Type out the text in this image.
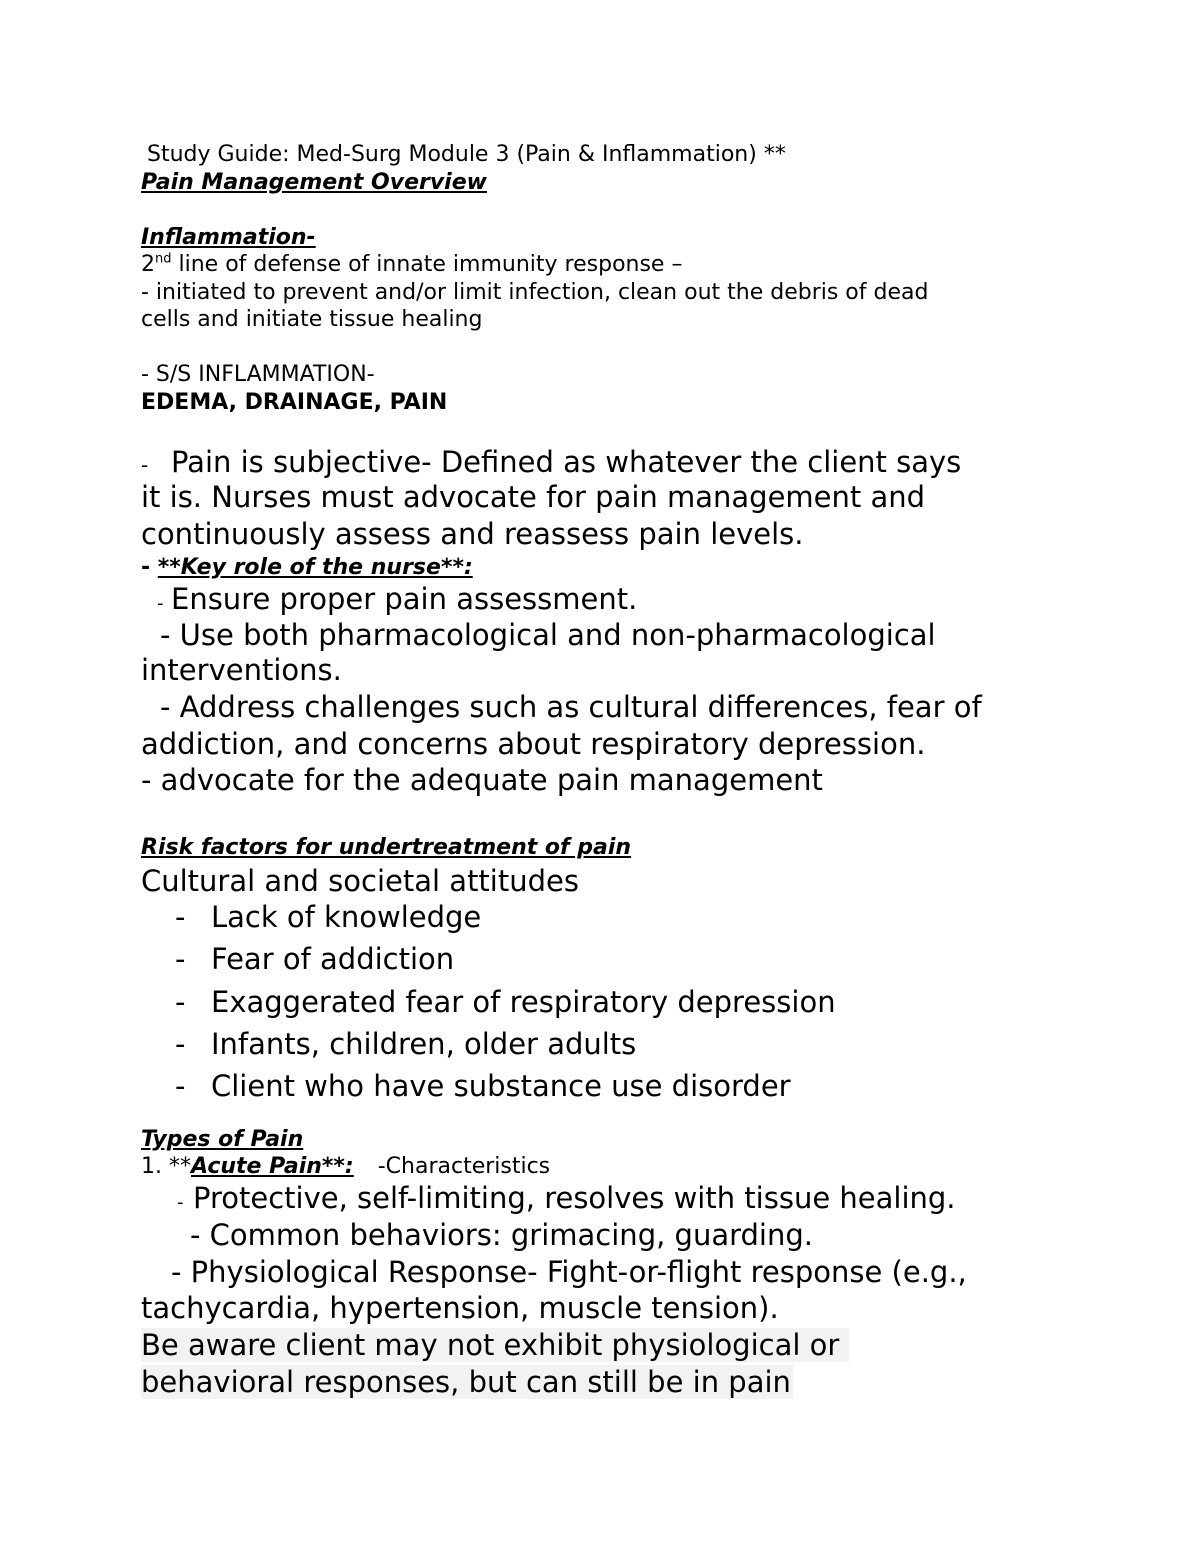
Study Guide: Med-Surg Module 3 (Pain & Inflammation) **
Pain Management Overview
Inflammation-
2nd line of defense of innate immunity response –
- initiated to prevent and/or limit infection, clean out the debris of dead
cells and initiate tissue healing
- S/S INFLAMMATION-
EDEMA, DRAINAGE, PAIN
- Pain is subjective- Defined as whatever the client says
it is. Nurses must advocate for pain management and
continuously assess and reassess pain levels.
- **Key role of the nurse**:
- Ensure proper pain assessment.
- Use both pharmacological and non-pharmacological
interventions.
- Address challenges such as cultural differences, fear of
addiction, and concerns about respiratory depression.
- advocate for the adequate pain management
Risk factors for undertreatment of pain
Cultural and societal attitudes
- Lack of knowledge
- Fear of addiction
- Exaggerated fear of respiratory depression
- Infants, children, older adults
- Client who have substance use disorder
Types of Pain
1. **Acute Pain**: -Characteristics
- Protective, self-limiting, resolves with tissue healing.
- Common behaviors: grimacing, guarding.
- Physiological Response- Fight-or-flight response (e.g.,
tachycardia, hypertension, muscle tension).
Be aware client may not exhibit physiological or
behavioral responses, but can still be in pain
